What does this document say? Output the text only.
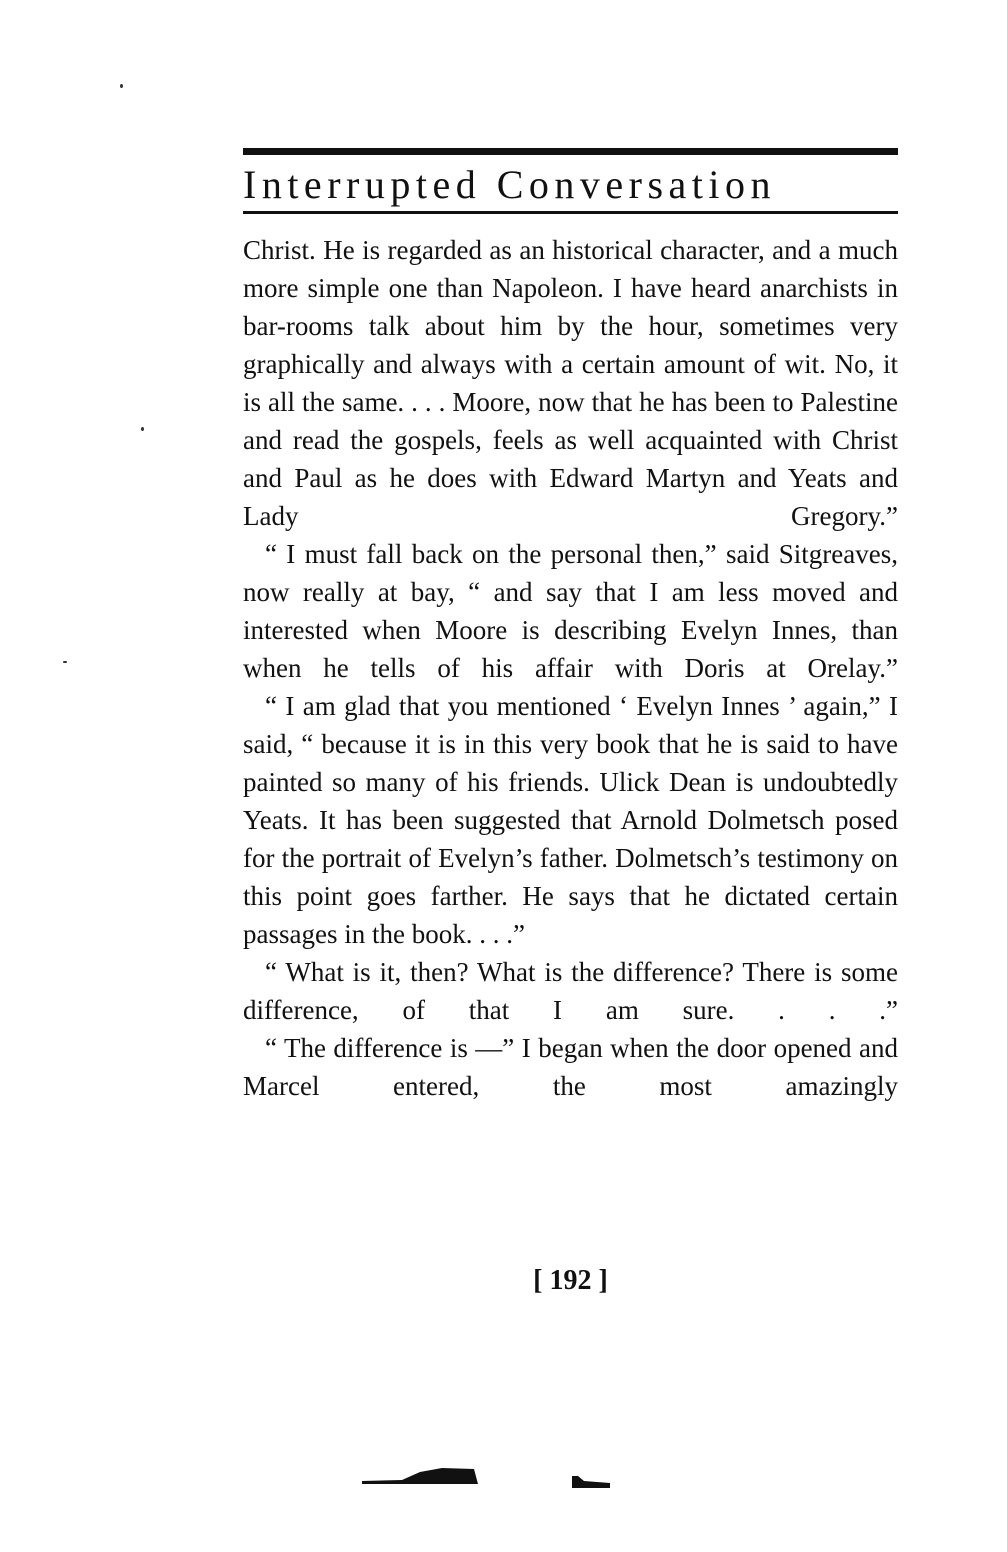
Interrupted Conversation

Christ. He is regarded as an historical character, and a much more simple one than Napoleon. I have heard anarchists in bar-rooms talk about him by the hour, sometimes very graphically and always with a certain amount of wit. No, it is all the same. . . . Moore, now that he has been to Palestine and read the gospels, feels as well acquainted with Christ and Paul as he does with Edward Martyn and Yeats and Lady Gregory.”

“ I must fall back on the personal then,” said Sitgreaves, now really at bay, “ and say that I am less moved and interested when Moore is describing Evelyn Innes, than when he tells of his affair with Doris at Orelay.”

“ I am glad that you mentioned ‘ Evelyn Innes ’ again,” I said, “ because it is in this very book that he is said to have painted so many of his friends. Ulick Dean is undoubtedly Yeats. It has been suggested that Arnold Dolmetsch posed for the portrait of Evelyn’s father. Dolmetsch’s testimony on this point goes farther. He says that he dictated certain passages in the book. . . .”

“ What is it, then? What is the difference? There is some difference, of that I am sure. . . .”

“ The difference is —” I began when the door opened and Marcel entered, the most amazingly

[ 192 ]
